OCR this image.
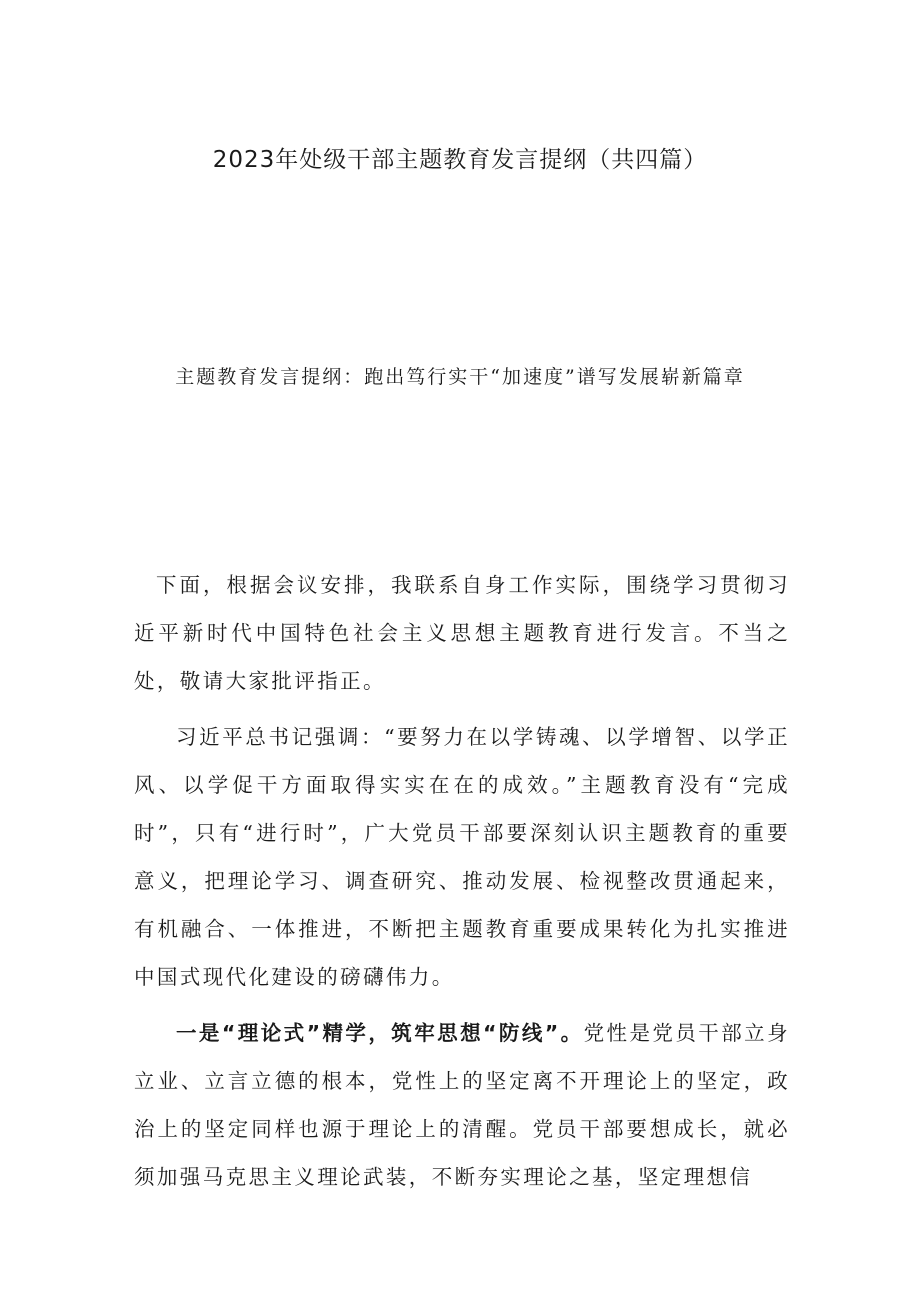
2023年处级干部主题教育发言提纲（共四篇）
主题教育发言提纲：跑出笃行实干“加速度”谱写发展崭新篇章

下面，根据会议安排，我联系自身工作实际，围绕学习贯彻习近平新时代中国特色社会主义思想主题教育进行发言。不当之处，敬请大家批评指正。

习近平总书记强调：“要努力在以学铸魂、以学增智、以学正风、以学促干方面取得实实在在的成效。”主题教育没有“完成时”，只有“进行时”，广大党员干部要深刻认识主题教育的重要意义，把理论学习、调查研究、推动发展、检视整改贯通起来，有机融合、一体推进，不断把主题教育重要成果转化为扎实推进中国式现代化建设的磅礴伟力。

一是“理论式”精学，筑牢思想“防线”。党性是党员干部立身立业、立言立德的根本，党性上的坚定离不开理论上的坚定，政治上的坚定同样也源于理论上的清醒。党员干部要想成长，就必须加强马克思主义理论武装，不断夯实理论之基，坚定理想信
